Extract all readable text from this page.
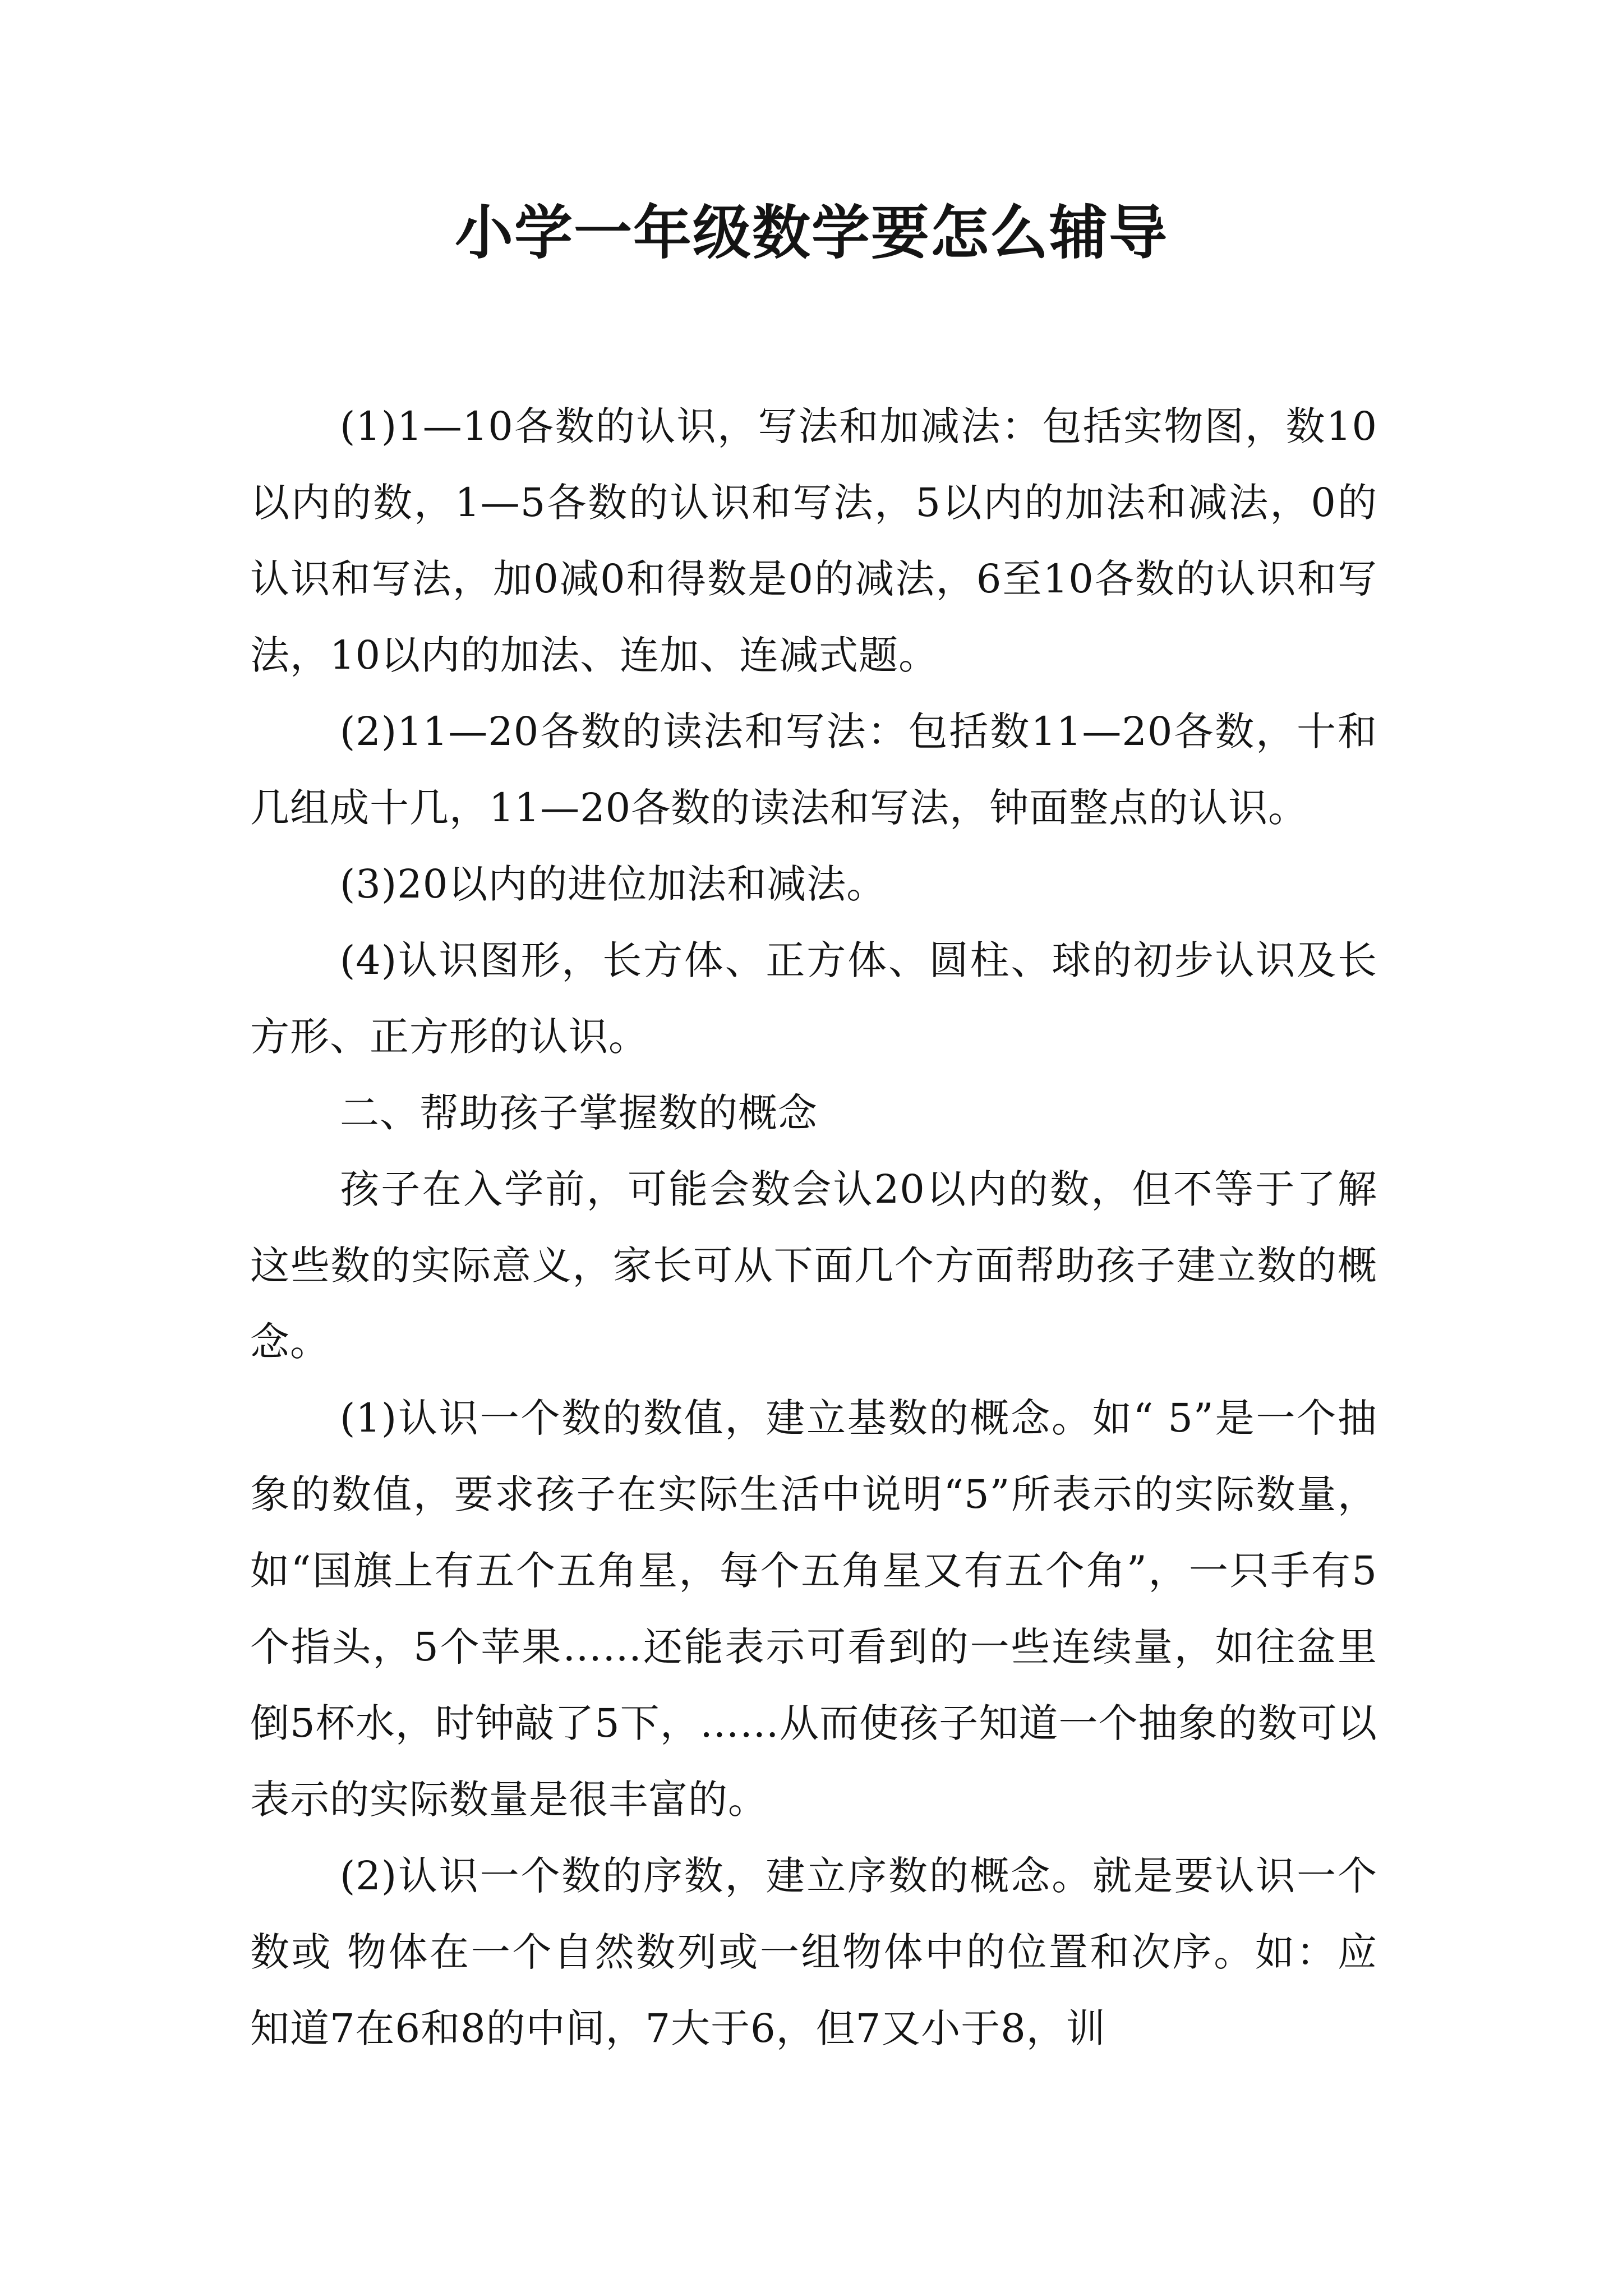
小学一年级数学要怎么辅导

(1)1—10各数的认识，写法和加减法：包括实物图，数10以内的数，1—5各数的认识和写法，5以内的加法和减法，0的认识和写法，加0减0和得数是0的减法，6至10各数的认识和写法，10以内的加法、连加、连减式题。

(2)11—20各数的读法和写法：包括数11—20各数，十和几组成十几，11—20各数的读法和写法，钟面整点的认识。

(3)20以内的进位加法和减法。

(4)认识图形，长方体、正方体、圆柱、球的初步认识及长方形、正方形的认识。

二、帮助孩子掌握数的概念

孩子在入学前，可能会数会认20以内的数，但不等于了解这些数的实际意义，家长可从下面几个方面帮助孩子建立数的概念。

(1)认识一个数的数值，建立基数的概念。如“ 5”是一个抽象的数值，要求孩子在实际生活中说明“5”所表示的实际数量，如“国旗上有五个五角星，每个五角星又有五个角”，一只手有5个指头，5个苹果……还能表示可看到的一些连续量，如往盆里倒5杯水，时钟敲了5下，……从而使孩子知道一个抽象的数可以表示的实际数量是很丰富的。

(2)认识一个数的序数，建立序数的概念。就是要认识一个数或 物体在一个自然数列或一组物体中的位置和次序。如：应知道7在6和8的中间，7大于6，但7又小于8，训
